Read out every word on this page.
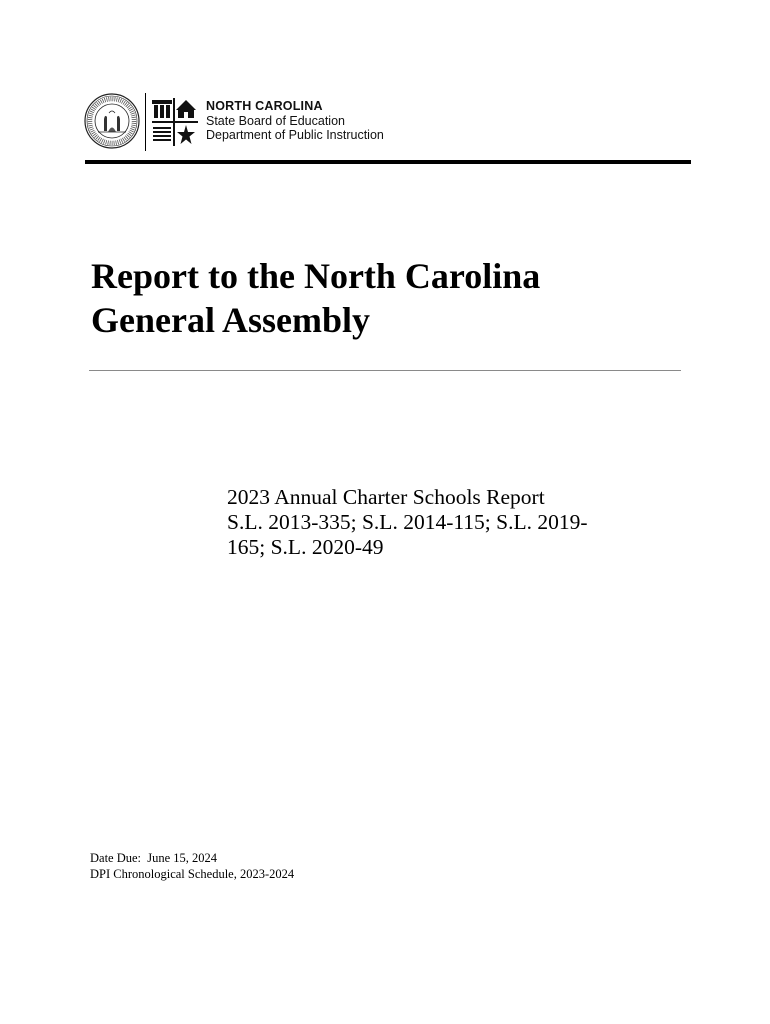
NORTH CAROLINA
State Board of Education
Department of Public Instruction
Report to the North Carolina
General Assembly
2023 Annual Charter Schools Report
S.L. 2013-335; S.L. 2014-115; S.L. 2019-
165; S.L. 2020-49
Date Due:  June 15, 2024
DPI Chronological Schedule, 2023-2024
